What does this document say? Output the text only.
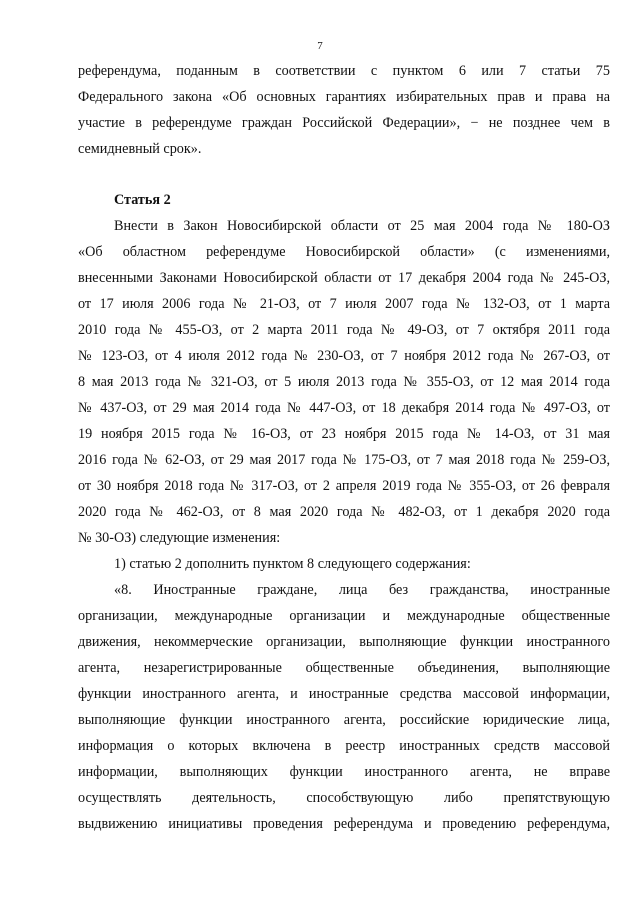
7
референдума, поданным в соответствии с пунктом 6 или 7 статьи 75
Федерального закона «Об основных гарантиях избирательных прав и права на
участие в референдуме граждан Российской Федерации», − не позднее чем в
семидневный срок».
Статья 2
Внести в Закон Новосибирской области от 25 мая 2004 года № 180-ОЗ
«Об областном референдуме Новосибирской области» (с изменениями,
внесенными Законами Новосибирской области от 17 декабря 2004 года № 245-ОЗ,
от 17 июля 2006 года № 21-ОЗ, от 7 июля 2007 года № 132-ОЗ, от 1 марта
2010 года № 455-ОЗ, от 2 марта 2011 года № 49-ОЗ, от 7 октября 2011 года
№ 123-ОЗ, от 4 июля 2012 года № 230-ОЗ, от 7 ноября 2012 года № 267-ОЗ, от
8 мая 2013 года № 321-ОЗ, от 5 июля 2013 года № 355-ОЗ, от 12 мая 2014 года
№ 437-ОЗ, от 29 мая 2014 года № 447-ОЗ, от 18 декабря 2014 года № 497-ОЗ, от
19 ноября 2015 года № 16-ОЗ, от 23 ноября 2015 года № 14-ОЗ, от 31 мая
2016 года № 62-ОЗ, от 29 мая 2017 года № 175-ОЗ, от 7 мая 2018 года № 259-ОЗ,
от 30 ноября 2018 года № 317-ОЗ, от 2 апреля 2019 года № 355-ОЗ, от 26 февраля
2020 года № 462-ОЗ, от 8 мая 2020 года № 482-ОЗ, от 1 декабря 2020 года
№ 30-ОЗ) следующие изменения:
1) статью 2 дополнить пунктом 8 следующего содержания:
«8. Иностранные граждане, лица без гражданства, иностранные
организации, международные организации и международные общественные
движения, некоммерческие организации, выполняющие функции иностранного
агента, незарегистрированные общественные объединения, выполняющие
функции иностранного агента, и иностранные средства массовой информации,
выполняющие функции иностранного агента, российские юридические лица,
информация о которых включена в реестр иностранных средств массовой
информации, выполняющих функции иностранного агента, не вправе
осуществлять деятельность, способствующую либо препятствующую
выдвижению инициативы проведения референдума и проведению референдума,
